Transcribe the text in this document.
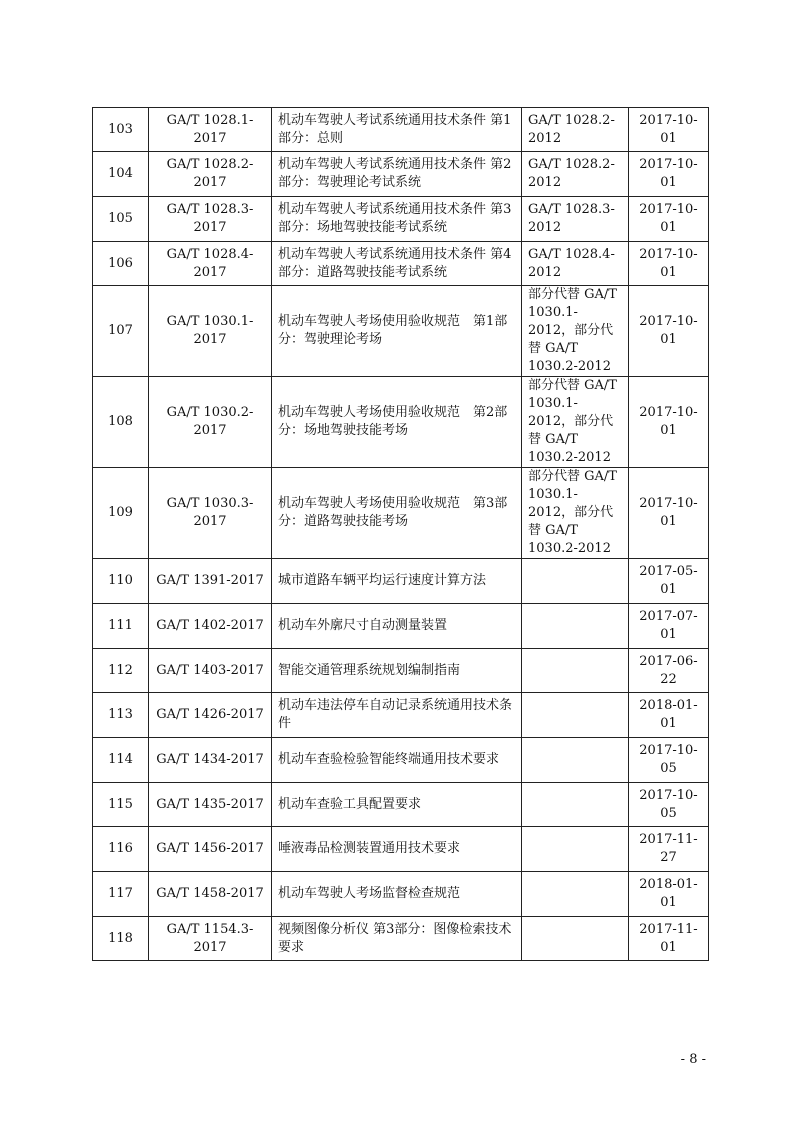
103	GA/T 1028.1-2017	机动车驾驶人考试系统通用技术条件 第1部分：总则	GA/T 1028.2-2012	2017-10-01
104	GA/T 1028.2-2017	机动车驾驶人考试系统通用技术条件 第2部分：驾驶理论考试系统	GA/T 1028.2-2012	2017-10-01
105	GA/T 1028.3-2017	机动车驾驶人考试系统通用技术条件 第3部分：场地驾驶技能考试系统	GA/T 1028.3-2012	2017-10-01
106	GA/T 1028.4-2017	机动车驾驶人考试系统通用技术条件 第4部分：道路驾驶技能考试系统	GA/T 1028.4-2012	2017-10-01
107	GA/T 1030.1-2017	机动车驾驶人考场使用验收规范　第1部分：驾驶理论考场	部分代替 GA/T 1030.1-2012，部分代替 GA/T 1030.2-2012	2017-10-01
108	GA/T 1030.2-2017	机动车驾驶人考场使用验收规范　第2部分：场地驾驶技能考场	部分代替 GA/T 1030.1-2012，部分代替 GA/T 1030.2-2012	2017-10-01
109	GA/T 1030.3-2017	机动车驾驶人考场使用验收规范　第3部分：道路驾驶技能考场	部分代替 GA/T 1030.1-2012，部分代替 GA/T 1030.2-2012	2017-10-01
110	GA/T 1391-2017	城市道路车辆平均运行速度计算方法		2017-05-01
111	GA/T 1402-2017	机动车外廓尺寸自动测量装置		2017-07-01
112	GA/T 1403-2017	智能交通管理系统规划编制指南		2017-06-22
113	GA/T 1426-2017	机动车违法停车自动记录系统通用技术条件		2018-01-01
114	GA/T 1434-2017	机动车查验检验智能终端通用技术要求		2017-10-05
115	GA/T 1435-2017	机动车查验工具配置要求		2017-10-05
116	GA/T 1456-2017	唾液毒品检测装置通用技术要求		2017-11-27
117	GA/T 1458-2017	机动车驾驶人考场监督检查规范		2018-01-01
118	GA/T 1154.3-2017	视频图像分析仪 第3部分：图像检索技术要求		2017-11-01
- 8 -
